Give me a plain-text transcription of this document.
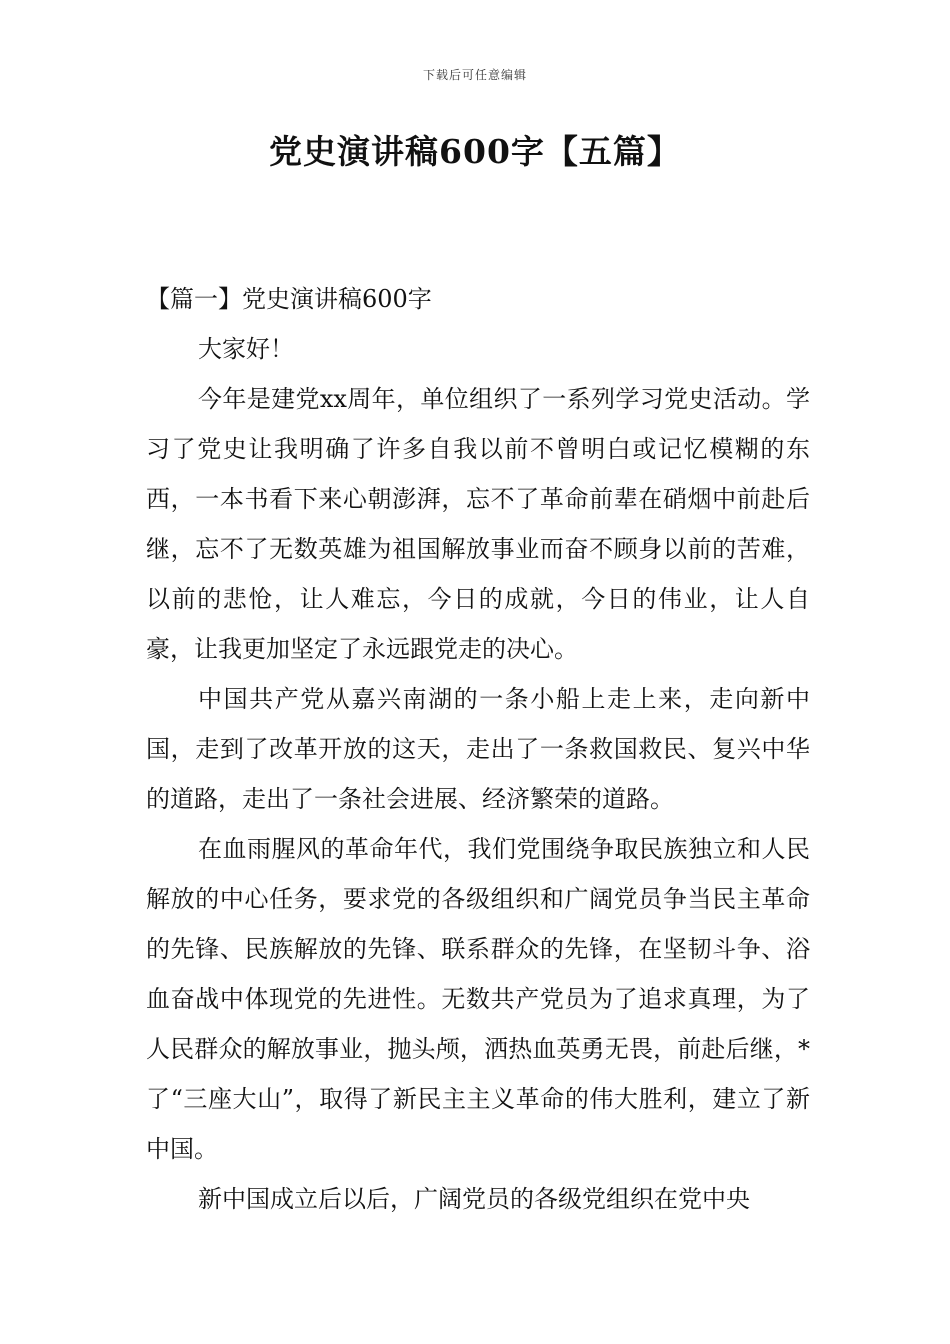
下载后可任意编辑
党史演讲稿600字【五篇】
【篇一】党史演讲稿600字

大家好！

今年是建党xx周年，单位组织了一系列学习党史活动。学习了党史让我明确了许多自我以前不曾明白或记忆模糊的东西，一本书看下来心朝澎湃，忘不了革命前辈在硝烟中前赴后继，忘不了无数英雄为祖国解放事业而奋不顾身以前的苦难，以前的悲怆，让人难忘，今日的成就，今日的伟业，让人自豪，让我更加坚定了永远跟党走的决心。

中国共产党从嘉兴南湖的一条小船上走上来，走向新中国，走到了改革开放的这天，走出了一条救国救民、复兴中华的道路，走出了一条社会进展、经济繁荣的道路。

在血雨腥风的革命年代，我们党围绕争取民族独立和人民解放的中心任务，要求党的各级组织和广阔党员争当民主革命的先锋、民族解放的先锋、联系群众的先锋，在坚韧斗争、浴血奋战中体现党的先进性。无数共产党员为了追求真理，为了人民群众的解放事业，抛头颅，洒热血英勇无畏，前赴后继，*了“三座大山”，取得了新民主主义革命的伟大胜利，建立了新中国。

新中国成立后以后，广阔党员的各级党组织在党中央
